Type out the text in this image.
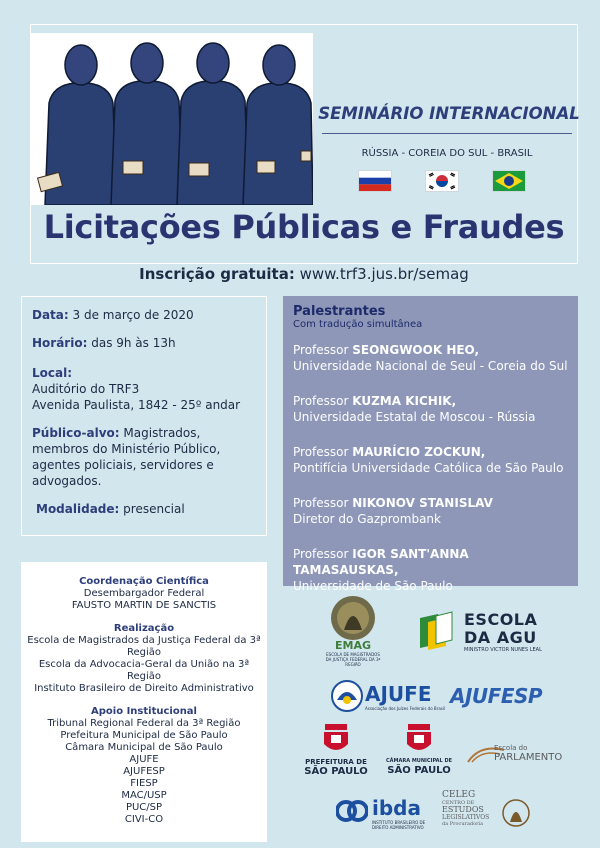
SEMINÁRIO INTERNACIONAL
RÚSSIA - COREIA DO SUL - BRASIL
Licitações Públicas e Fraudes
Inscrição gratuita: www.trf3.jus.br/semag
Data: 3 de março de 2020
Horário: das 9h às 13h
Local:
Auditório do TRF3
Avenida Paulista, 1842 - 25º andar
Público-alvo: Magistrados, membros do Ministério Público, agentes policiais, servidores e advogados.
Modalidade: presencial
Palestrantes
Com tradução simultânea
Professor SEONGWOOK HEO,
Universidade Nacional de Seul - Coreia do Sul
Professor KUZMA KICHIK,
Universidade Estatal de Moscou - Rússia
Professor MAURÍCIO ZOCKUN,
Pontifícia Universidade Católica de São Paulo
Professor NIKONOV STANISLAV
Diretor do Gazprombank
Professor IGOR SANT'ANNA TAMASAUSKAS,
Universidade de São Paulo
Coordenação Científica
Desembargador Federal
FAUSTO MARTIN DE SANCTIS
Realização
Escola de Magistrados da Justiça Federal da 3ª Região
Escola da Advocacia-Geral da União na 3ª Região
Instituto Brasileiro de Direito Administrativo
Apoio Institucional
Tribunal Regional Federal da 3ª Região
Prefeitura Municipal de São Paulo
Câmara Municipal de São Paulo
AJUFE
AJUFESP
FIESP
MAC/USP
PUC/SP
CIVI-CO
EMAG
ESCOLA DE MAGISTRADOS DA JUSTIÇA FEDERAL DA 3ª REGIÃO
ESCOLA
DA AGU
MINISTRO VICTOR NUNES LEAL
AJUFE
Associação dos Juízes Federais do Brasil
AJUFESP
PREFEITURA DE
SÃO PAULO
CÂMARA MUNICIPAL DE
SÃO PAULO
Escola do
PARLAMENTO
ibda
INSTITUTO BRASILEIRO DE
DIREITO ADMINISTRATIVO
CELEG
CENTRO DE
ESTUDOS
LEGISLATIVOS
da Procuradoria
